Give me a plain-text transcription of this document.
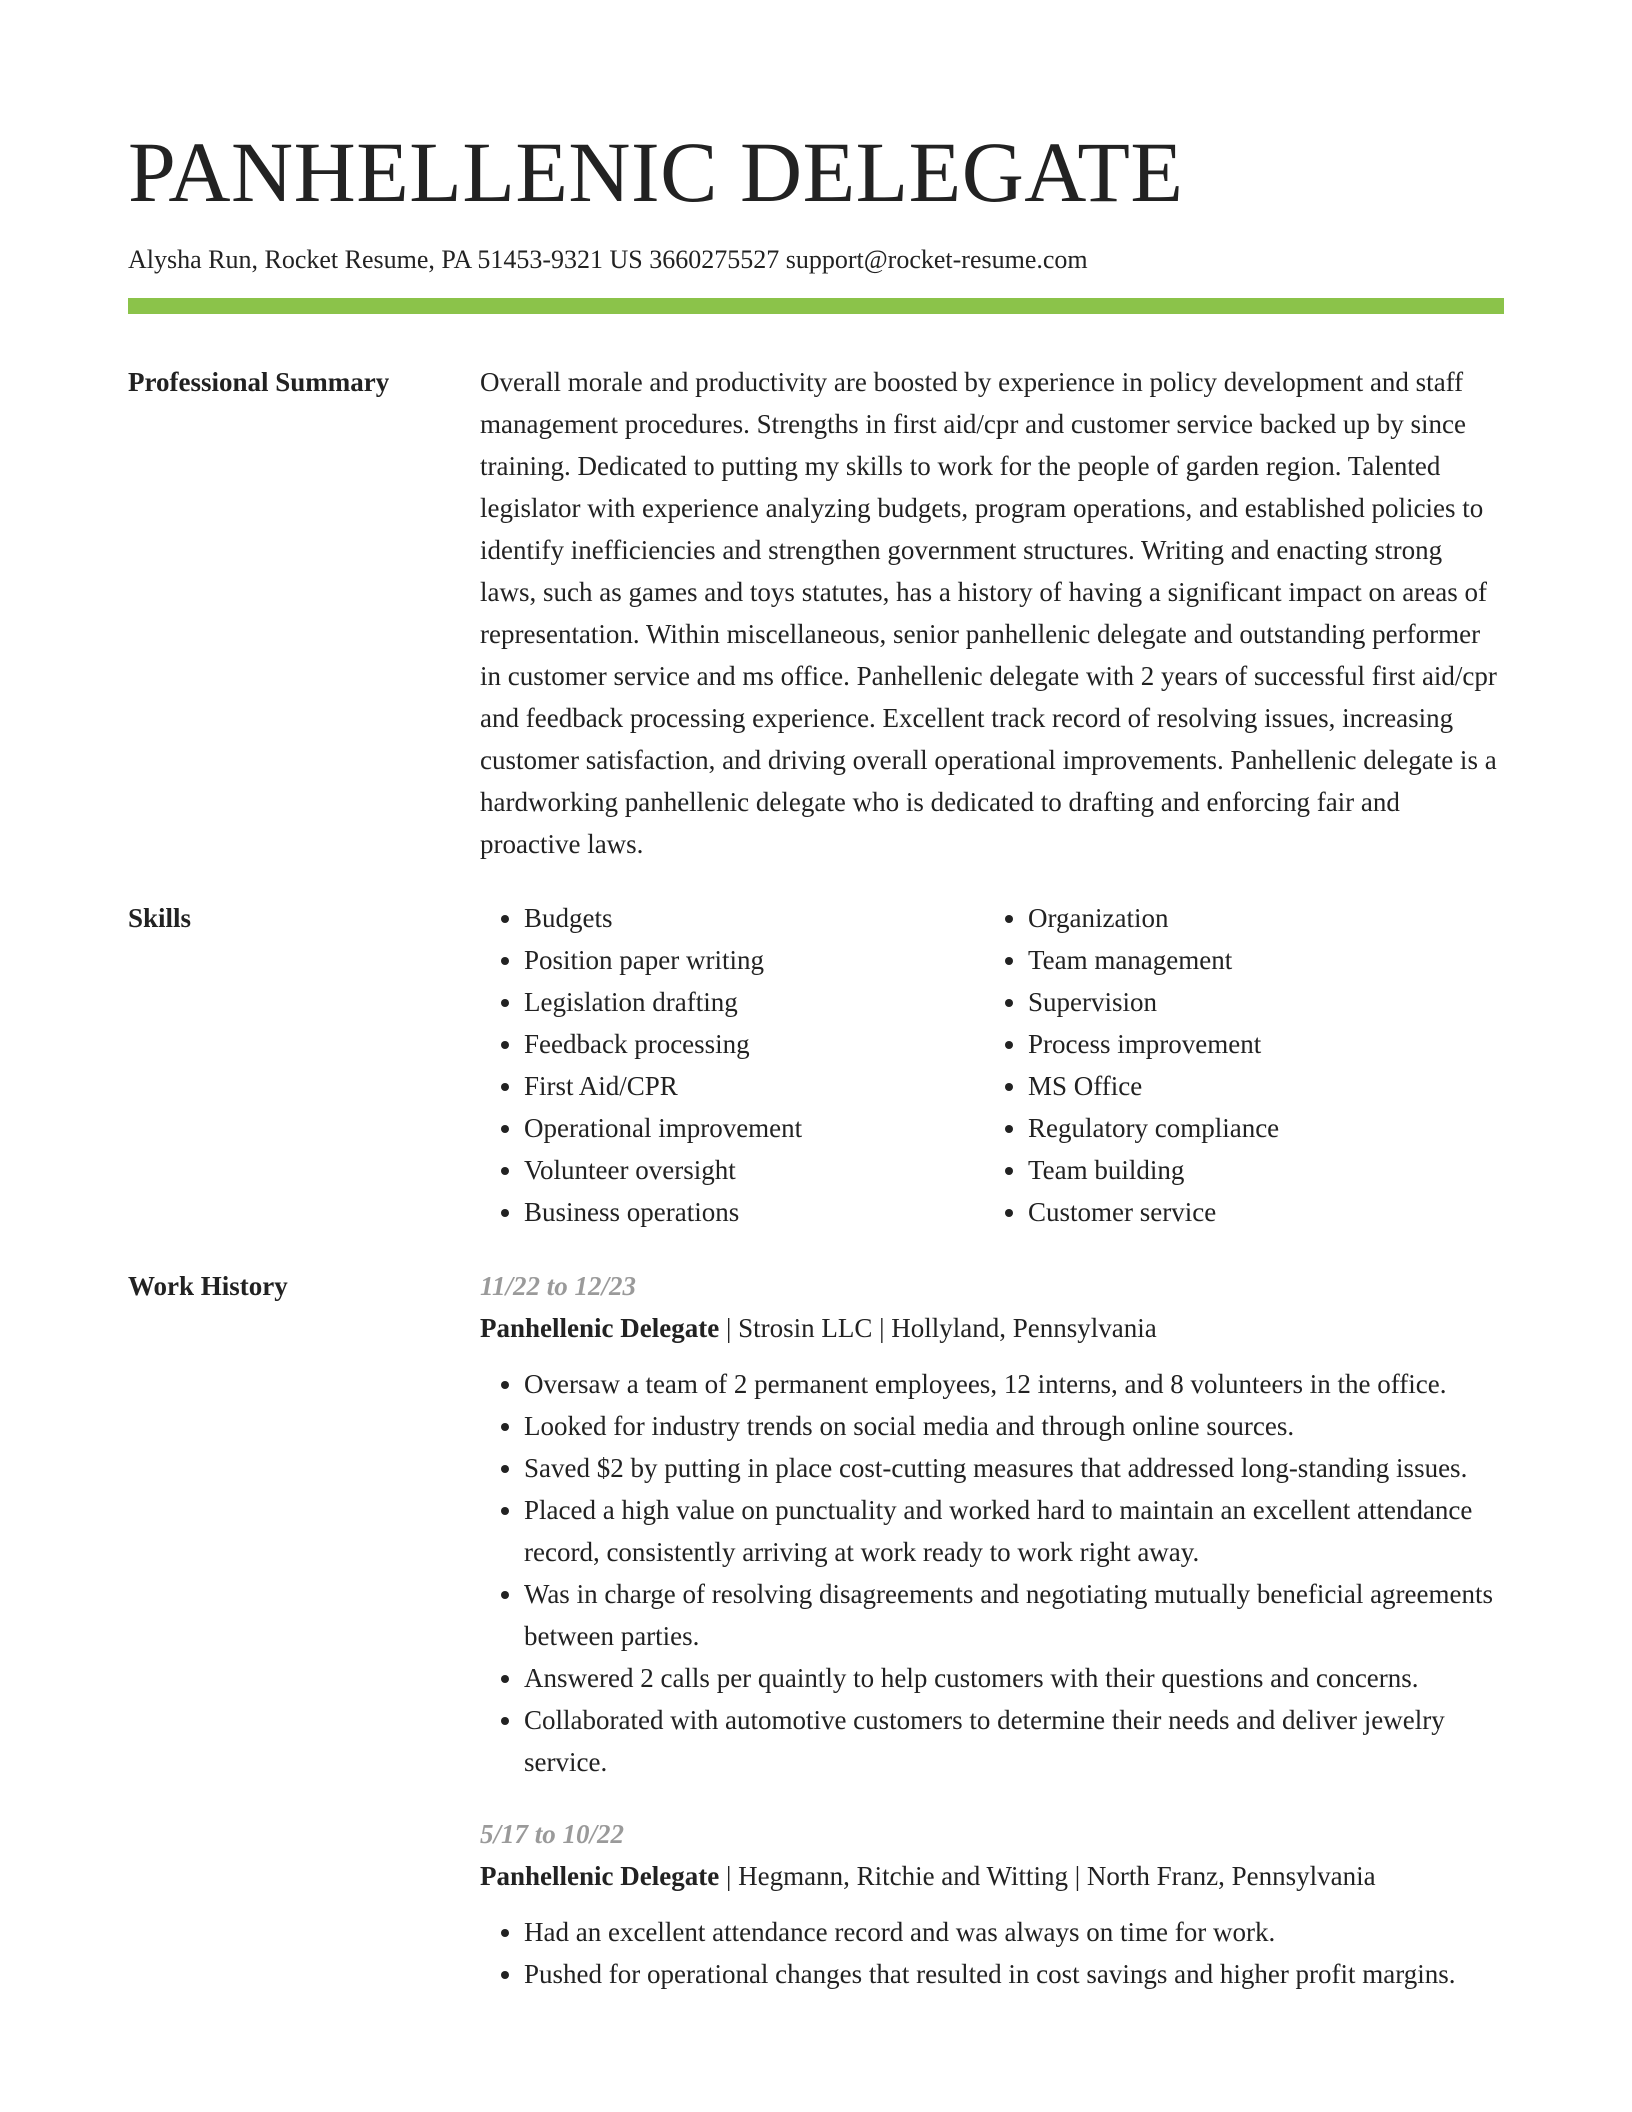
PANHELLENIC DELEGATE
Alysha Run, Rocket Resume, PA 51453-9321 US 3660275527 support@rocket-resume.com
Professional Summary	Overall morale and productivity are boosted by experience in policy development and staff management procedures. Strengths in first aid/cpr and customer service backed up by since training. Dedicated to putting my skills to work for the people of garden region. Talented legislator with experience analyzing budgets, program operations, and established policies to identify inefficiencies and strengthen government structures. Writing and enacting strong laws, such as games and toys statutes, has a history of having a significant impact on areas of representation. Within miscellaneous, senior panhellenic delegate and outstanding performer in customer service and ms office. Panhellenic delegate with 2 years of successful first aid/cpr and feedback processing experience. Excellent track record of resolving issues, increasing customer satisfaction, and driving overall operational improvements. Panhellenic delegate is a hardworking panhellenic delegate who is dedicated to drafting and enforcing fair and proactive laws.

Skills
•	Budgets
• Position paper writing
• Legislation drafting
• Feedback processing
• First Aid/CPR
• Operational improvement
• Volunteer oversight
• Business operations
• Organization
• Team management
• Supervision
• Process improvement
• MS Office
• Regulatory compliance
• Team building
• Customer service
Work History	11/22 to 12/23
Panhellenic Delegate | Strosin LLC | Hollyland, Pennsylvania
• Oversaw a team of 2 permanent employees, 12 interns, and 8 volunteers in the office.
• Looked for industry trends on social media and through online sources.
• Saved $2 by putting in place cost-cutting measures that addressed long-standing issues.
• Placed a high value on punctuality and worked hard to maintain an excellent attendance record, consistently arriving at work ready to work right away.
• Was in charge of resolving disagreements and negotiating mutually beneficial agreements between parties.
• Answered 2 calls per quaintly to help customers with their questions and concerns.
• Collaborated with automotive customers to determine their needs and deliver jewelry service.
5/17 to 10/22
Panhellenic Delegate | Hegmann, Ritchie and Witting | North Franz, Pennsylvania
• Had an excellent attendance record and was always on time for work.
• Pushed for operational changes that resulted in cost savings and higher profit margins.
